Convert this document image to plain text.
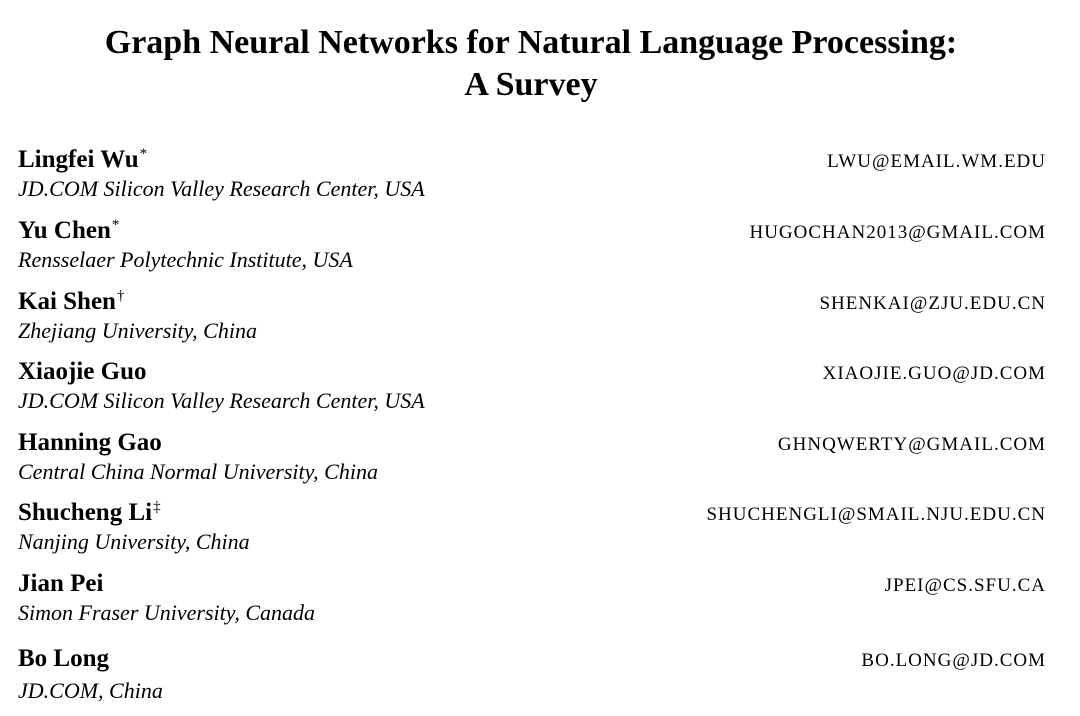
Graph Neural Networks for Natural Language Processing:
A Survey
Lingfei Wu*
JD.COM Silicon Valley Research Center, USA
LWU@EMAIL.WM.EDU
Yu Chen*
Rensselaer Polytechnic Institute, USA
HUGOCHAN2013@GMAIL.COM
Kai Shen†
Zhejiang University, China
SHENKAI@ZJU.EDU.CN
Xiaojie Guo
JD.COM Silicon Valley Research Center, USA
XIAOJIE.GUO@JD.COM
Hanning Gao
Central China Normal University, China
GHNQWERTY@GMAIL.COM
Shucheng Li‡
Nanjing University, China
SHUCHENGLI@SMAIL.NJU.EDU.CN
Jian Pei
Simon Fraser University, Canada
JPEI@CS.SFU.CA
Bo Long
JD.COM, China
BO.LONG@JD.COM
